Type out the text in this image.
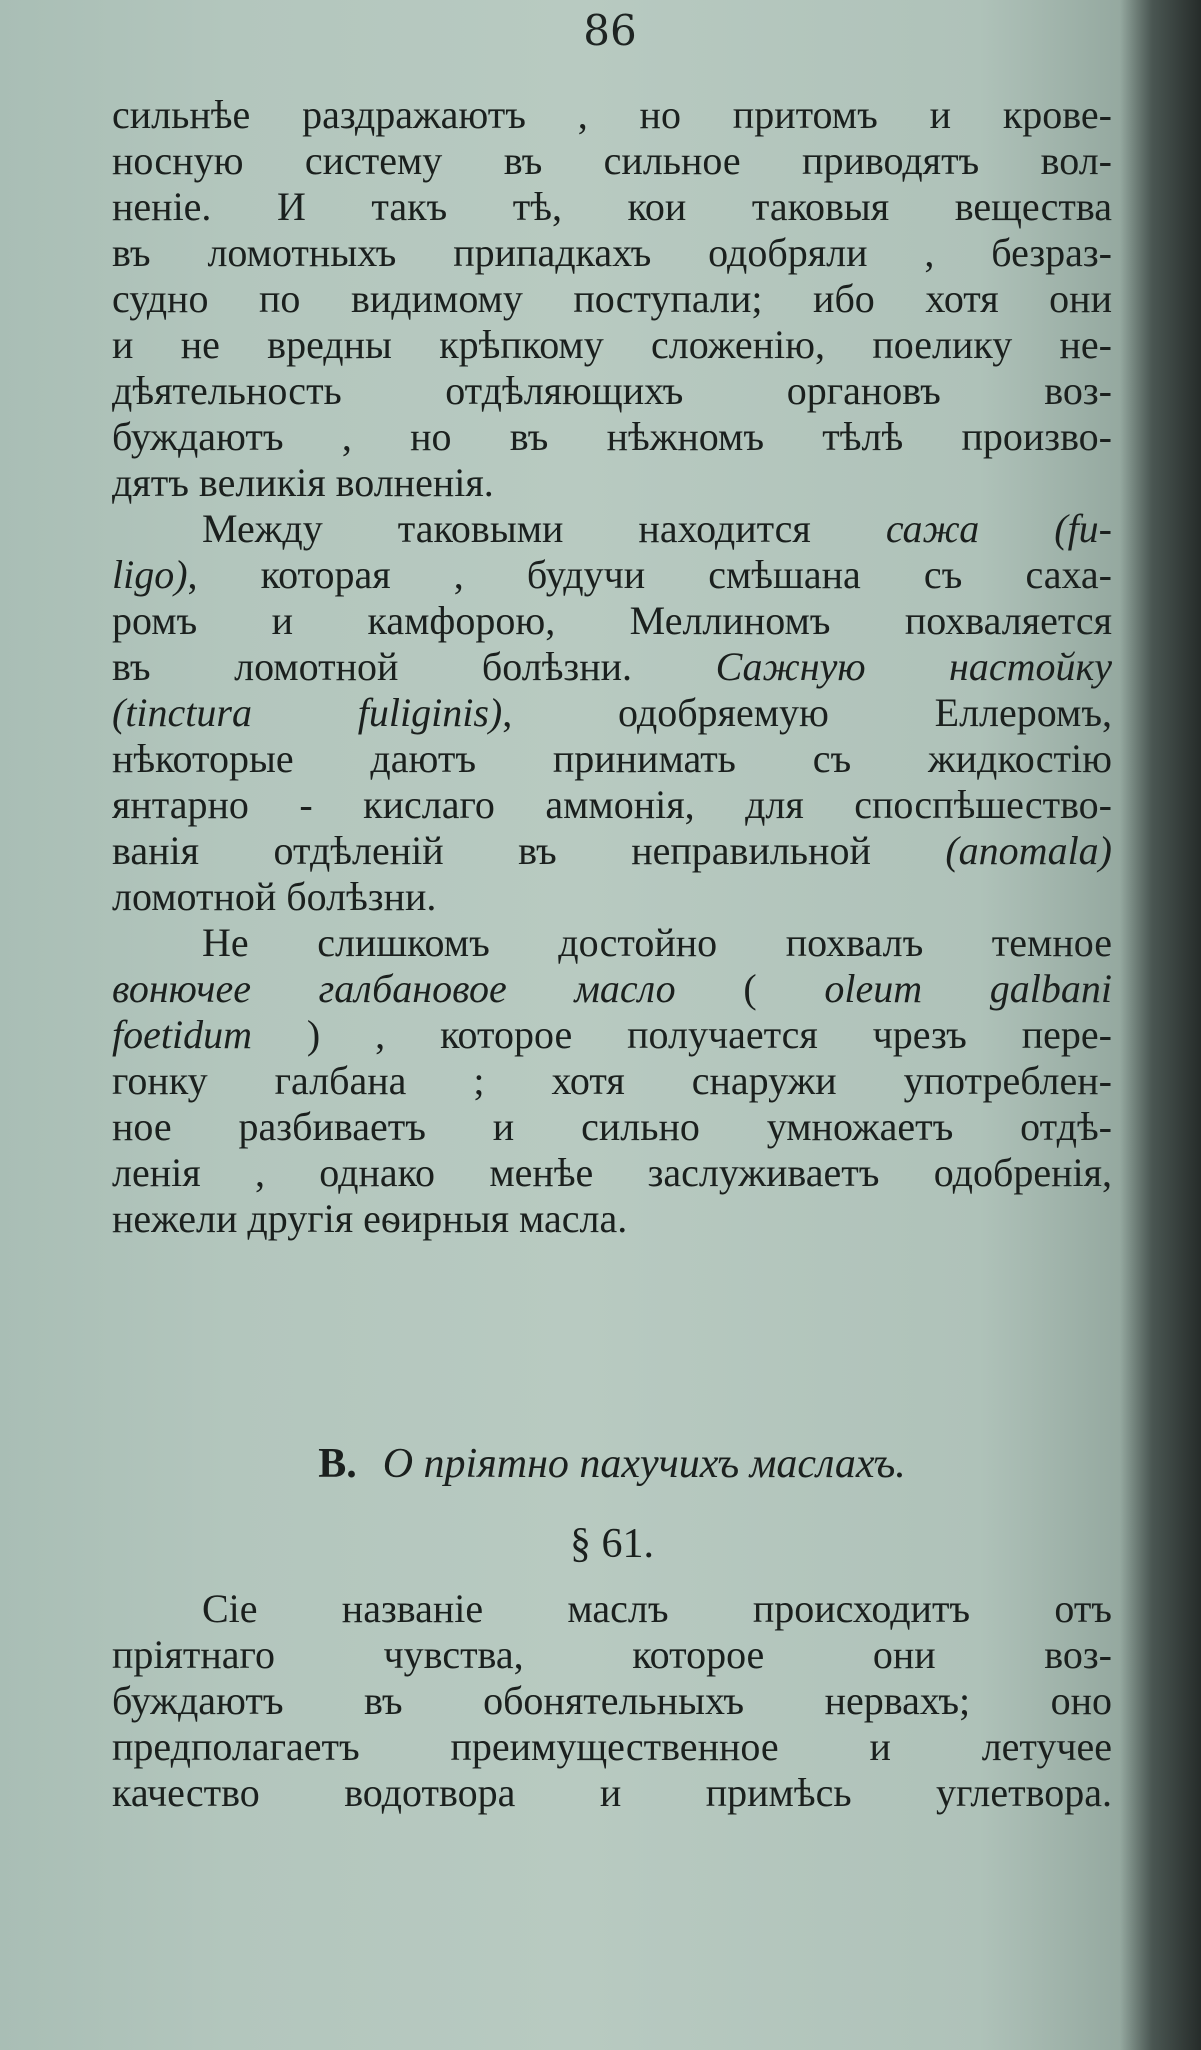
86
сильнѣе раздражаютъ , но притомъ и крове-
носную систему въ сильное приводятъ вол-
ненiе. И такъ тѣ, кои таковыя вещества
въ ломотныхъ припадкахъ одобряли , безраз-
судно по видимому поступали; ибо хотя они
и не вредны крѣпкому сложенiю, поелику не-
дѣятельность отдѣляющихъ органовъ воз-
буждаютъ , но въ нѣжномъ тѣлѣ произво-
дятъ великiя волненiя.
Между таковыми находится сажа (fu-
ligo), которая , будучи смѣшана съ саха-
ромъ и камфорою, Меллиномъ похваляется
въ ломотной болѣзни. Сажную настойку
(tinctura fuliginis), одобряемую Еллеромъ,
нѣкоторые даютъ принимать съ жидкостiю
янтарно - кислаго аммонiя, для споспѣшество-
ванiя отдѣленiй въ неправильной (anomala)
ломотной болѣзни.
Не слишкомъ достойно похвалъ темное
вонючее галбановое масло ( oleum galbani
foetidum ) , которое получается чрезъ пере-
гонку галбана ; хотя снаружи употреблен-
ное разбиваетъ и сильно умножаетъ отдѣ-
ленiя , однако менѣе заслуживаетъ одобренiя,
нежели другiя еѳирныя масла.
B. О прiятно пахучихъ маслахъ.
§ 61.
Сiе названiе маслъ происходитъ отъ
прiятнаго чувства, которое они воз-
буждаютъ въ обонятельныхъ нервахъ; оно
предполагаетъ преимущественное и летучее
качество водотвора и примѣсь углетвора.
